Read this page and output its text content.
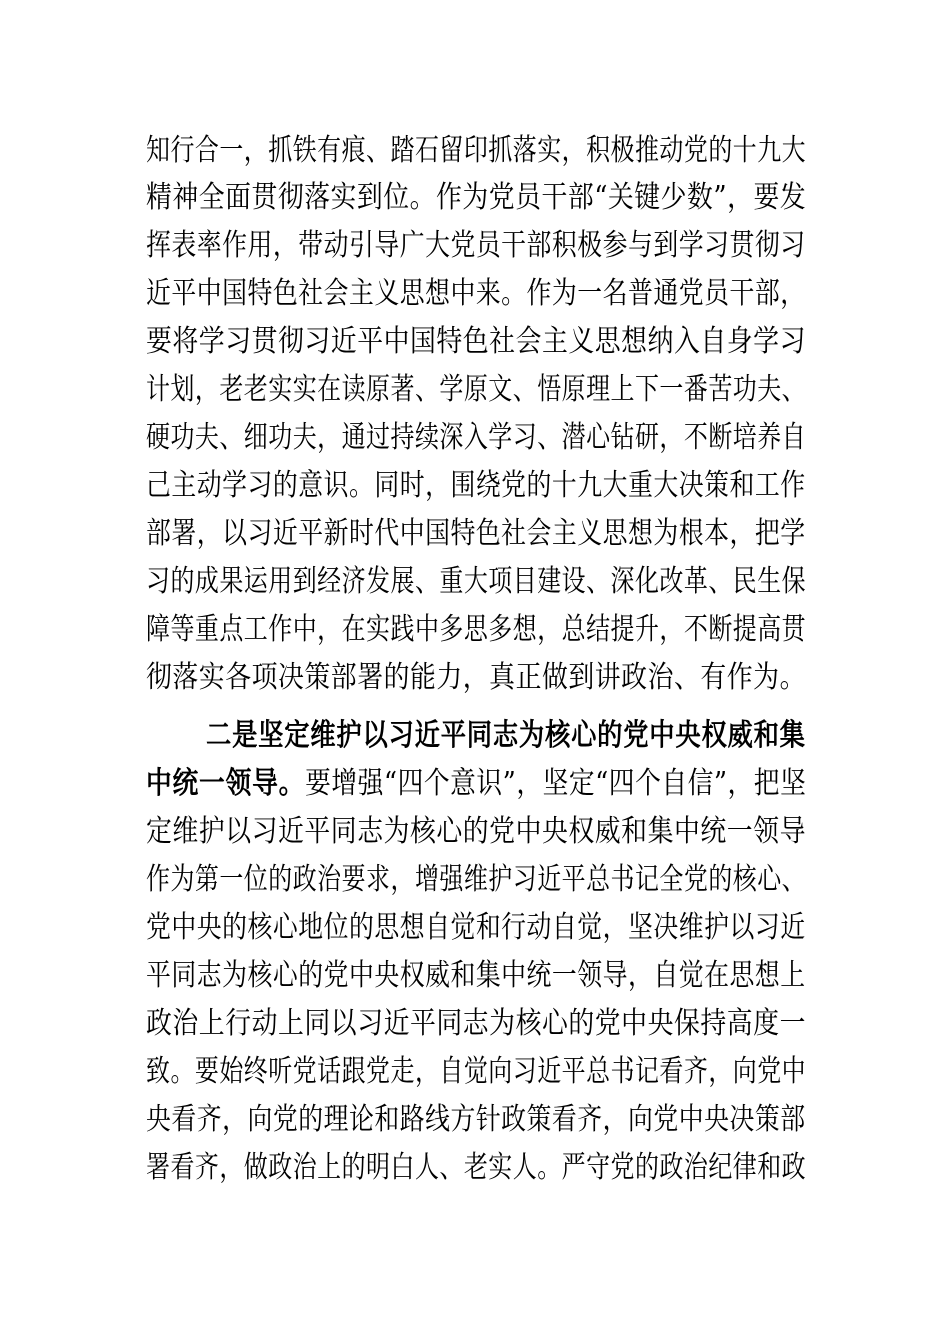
知行合一，抓铁有痕、踏石留印抓落实，积极推动党的十九大
精神全面贯彻落实到位。作为党员干部“关键少数”，要发
挥表率作用，带动引导广大党员干部积极参与到学习贯彻习
近平中国特色社会主义思想中来。作为一名普通党员干部，
要将学习贯彻习近平中国特色社会主义思想纳入自身学习
计划，老老实实在读原著、学原文、悟原理上下一番苦功夫、
硬功夫、细功夫，通过持续深入学习、潜心钻研，不断培养自
己主动学习的意识。同时，围绕党的十九大重大决策和工作
部署，以习近平新时代中国特色社会主义思想为根本，把学
习的成果运用到经济发展、重大项目建设、深化改革、民生保
障等重点工作中，在实践中多思多想，总结提升，不断提高贯
彻落实各项决策部署的能力，真正做到讲政治、有作为。
二是坚定维护以习近平同志为核心的党中央权威和集
中统一领导。要增强“四个意识”，坚定“四个自信”，把坚
定维护以习近平同志为核心的党中央权威和集中统一领导
作为第一位的政治要求，增强维护习近平总书记全党的核心、
党中央的核心地位的思想自觉和行动自觉，坚决维护以习近
平同志为核心的党中央权威和集中统一领导，自觉在思想上
政治上行动上同以习近平同志为核心的党中央保持高度一
致。要始终听党话跟党走，自觉向习近平总书记看齐，向党中
央看齐，向党的理论和路线方针政策看齐，向党中央决策部
署看齐，做政治上的明白人、老实人。严守党的政治纪律和政
